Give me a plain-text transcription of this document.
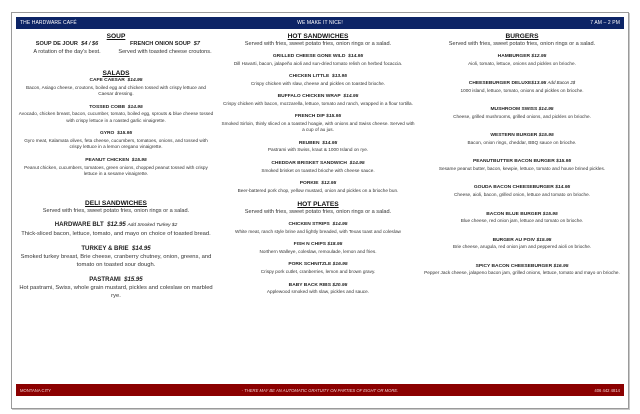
THE HARDWARE CAFÉ	WE MAKE IT NICE!	7 AM – 2 PM
SOUP
SOUP DE JOUR $4 / $6
A rotation of the day's best.
FRENCH ONION SOUP $7
Served with toasted cheese croutons.
SALADS
CAFE CAESAR $14.95
Bacon, Asiago cheese, croutons, boiled egg and chicken tossed with crispy lettuce and Caesar dressing.
TOSSED COBB $14.95
Avocado, chicken breast, bacon, cucumber, tomato, boiled egg, sprouts & blue cheese tossed with crispy lettuce in a roasted garlic vinaigrette.
GYRO $15.95
Gyro meat, Kalamata olives, feta cheese, cucumbers, tomatoes, onions, and tossed with crispy lettuce in a lemon oregano vinaigrette.
PEANUT CHICKEN $15.95
Peanut chicken, cucumbers, tomatoes, green onions, chopped peanut tossed with crispy lettuce in a sesame vinaigrette.
DELI SANDWICHES
Served with fries, sweet potato fries, onion rings or a salad.
HARDWARE BLT $12.95 Add Smoked Turkey $2
Thick-sliced bacon, lettuce, tomato, and mayo on choice of toasted bread.
TURKEY & BRIE $14.95
Smoked turkey breast, Brie cheese, cranberry chutney, onion, greens, and tomato on toasted sour dough.
PASTRAMI $15.95
Hot pastrami, Swiss, whole grain mustard, pickles and coleslaw on marbled rye.
HOT SANDWICHES
Served with fries, sweet potato fries, onion rings or a salad.
GRILLED CHEESE GONE WILD $14.95
Dill Havarti, bacon, jalapeño aioli and sun-dried tomato relish on herbed focaccia.
CHICKEN LITTLE $13.95
Crispy chicken with slaw, cheese and pickles on toasted brioche.
BUFFALO CHICKEN WRAP $14.95
Crispy chicken with bacon, mozzarella, lettuce, tomato and ranch, wrapped in a flour tortilla.
FRENCH DIP $15.95
Smoked Sirloin, thinly sliced on a toasted hoagie, with onions and Swiss cheese. Served with a cup of au jus.
REUBEN $14.95
Pastrami with Swiss, kraut & 1000 Island on rye.
CHEDDAR BRISKET SANDWICH $14.95
Smoked brisket on toasted brioche with cheese sauce.
PORKIE $12.95
Beer-battered pork chop, yellow mustard, onion and pickles on a brioche bun.
HOT PLATES
Served with fries, sweet potato fries, onion rings or a salad.
CHICKEN STRIPS $14.95
White meat, ranch style brine and lightly breaded, with Texas toast and coleslaw
FISH N CHIPS $18.95
Northern Walleye, coleslaw, remoulade, lemon and fries.
PORK SCHNITZLE $16.95
Crispy pork cutlet, cranberries, lemon and brown gravy.
BABY BACK RIBS $20.95
Applewood smoked with slaw, pickles and sauce.
BURGERS
Served with fries, sweet potato fries, onion rings or a salad.
HAMBURGER $12.95
Aioli, tomato, lettuce, onions and pickles on brioche.
CHEESEBURGER DELUXE$13.95 Add Bacon 2$
1000 island, lettuce, tomato, onions and pickles on brioche.
MUSHROOM SWISS $14.95
Cheese, grilled mushrooms, grilled onions, and pickles on brioche.
WESTERN BURGER $15.95
Bacon, onion rings, cheddar, BBQ sauce on brioche.
PEANUTBUTTER BACON BURGER $15.95
Sesame peanut butter, bacon, kewpie, lettuce, tomato and house brined pickles.
GOUDA BACON CHEESEBURGER $14.95
Cheese, aioli, bacon, grilled onion, lettuce and tomato on brioche.
BACON BLUE BURGER $15.95
Blue cheese, red onion jam, lettuce and tomato on brioche.
BURGER AU POIV $15.95
Brie cheese, arugula, red onion jam and peppered aioli on brioche.
SPICY BACON CHEESEBURGER $16.95
Pepper Jack cheese, jalapeno bacon jam, grilled onions, lettuce, tomato and mayo on brioche.
MONTANA CITY	- THERE MAY BE AN AUTOMATIC GRATUITY ON PARTIES OF EIGHT OR MORE.	406 442 4814
